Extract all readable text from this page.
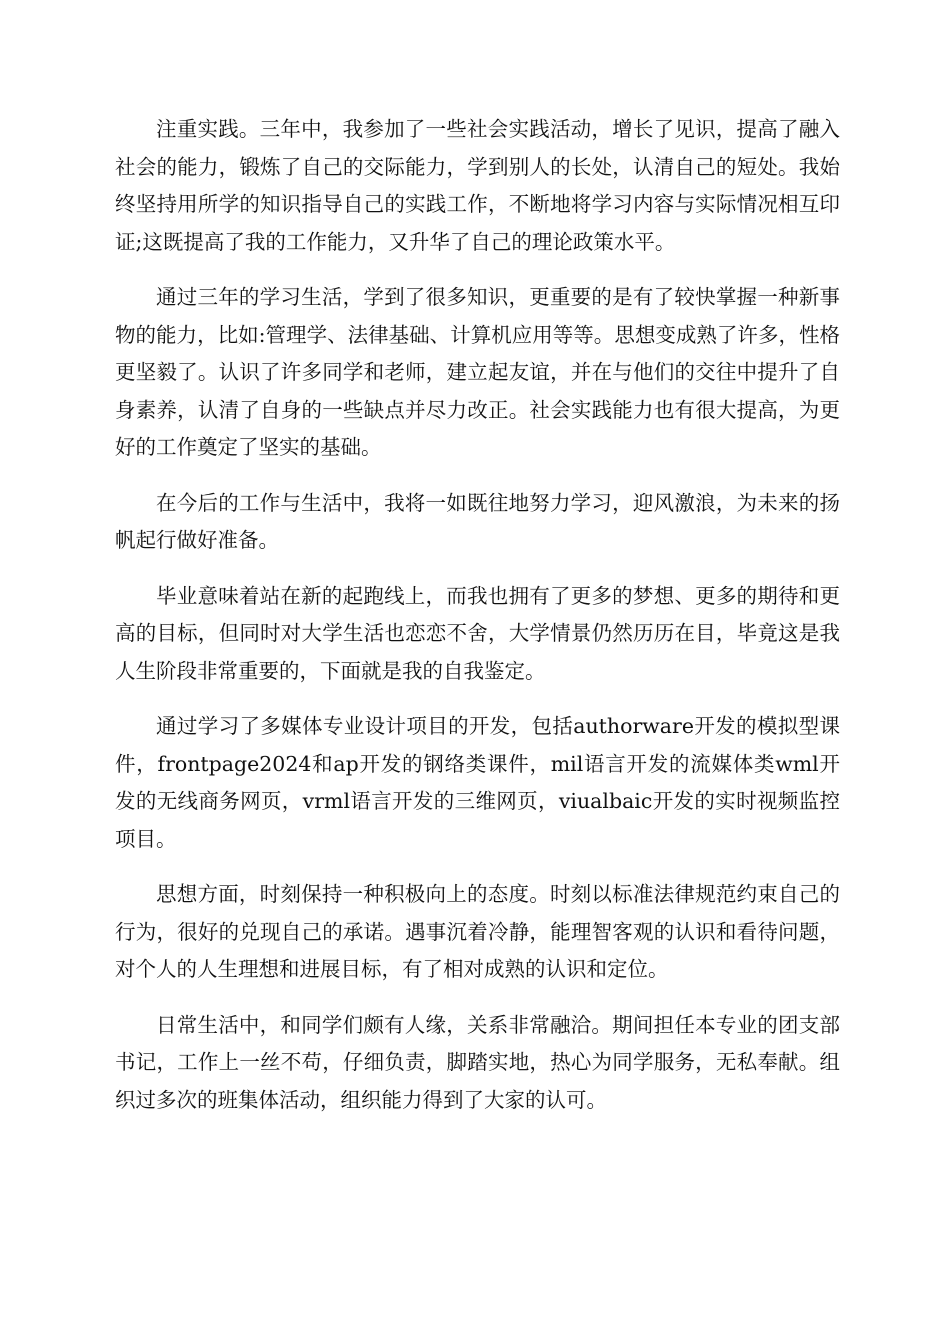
注重实践。三年中，我参加了一些社会实践活动，增长了见识，提高了融入社会的能力，锻炼了自己的交际能力，学到别人的长处，认清自己的短处。我始终坚持用所学的知识指导自己的实践工作，不断地将学习内容与实际情况相互印证;这既提高了我的工作能力，又升华了自己的理论政策水平。

通过三年的学习生活，学到了很多知识，更重要的是有了较快掌握一种新事物的能力，比如:管理学、法律基础、计算机应用等等。思想变成熟了许多，性格更坚毅了。认识了许多同学和老师，建立起友谊，并在与他们的交往中提升了自身素养，认清了自身的一些缺点并尽力改正。社会实践能力也有很大提高，为更好的工作奠定了坚实的基础。

在今后的工作与生活中，我将一如既往地努力学习，迎风激浪，为未来的扬帆起行做好准备。

毕业意味着站在新的起跑线上，而我也拥有了更多的梦想、更多的期待和更高的目标，但同时对大学生活也恋恋不舍，大学情景仍然历历在目，毕竟这是我人生阶段非常重要的，下面就是我的自我鉴定。

通过学习了多媒体专业设计项目的开发，包括authorware开发的模拟型课件，frontpage2024和ap开发的钢络类课件，mil语言开发的流媒体类wml开发的无线商务网页，vrml语言开发的三维网页，viualbaic开发的实时视频监控项目。

思想方面，时刻保持一种积极向上的态度。时刻以标准法律规范约束自己的行为，很好的兑现自己的承诺。遇事沉着冷静，能理智客观的认识和看待问题，对个人的人生理想和进展目标，有了相对成熟的认识和定位。

日常生活中，和同学们颇有人缘，关系非常融洽。期间担任本专业的团支部书记，工作上一丝不苟，仔细负责，脚踏实地，热心为同学服务，无私奉献。组织过多次的班集体活动，组织能力得到了大家的认可。
